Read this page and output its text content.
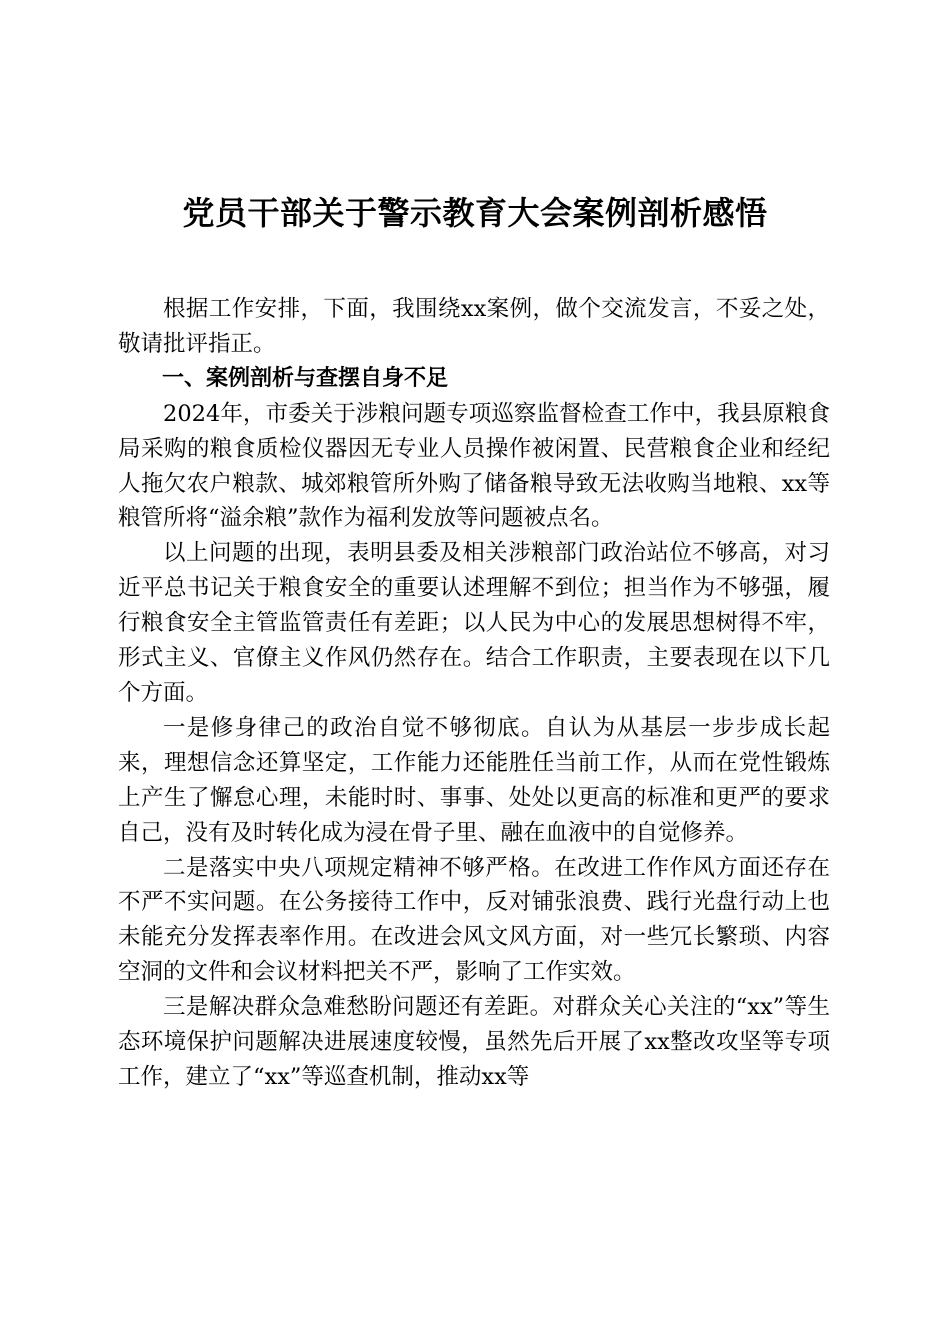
党员干部关于警示教育大会案例剖析感悟

根据工作安排，下面，我围绕xx案例，做个交流发言，不妥之处，敬请批评指正。

一、案例剖析与查摆自身不足

2024年，市委关于涉粮问题专项巡察监督检查工作中，我县原粮食局采购的粮食质检仪器因无专业人员操作被闲置、民营粮食企业和经纪人拖欠农户粮款、城郊粮管所外购了储备粮导致无法收购当地粮、xx等粮管所将“溢余粮”款作为福利发放等问题被点名。

以上问题的出现，表明县委及相关涉粮部门政治站位不够高，对习近平总书记关于粮食安全的重要认述理解不到位；担当作为不够强，履行粮食安全主管监管责任有差距；以人民为中心的发展思想树得不牢，形式主义、官僚主义作风仍然存在。结合工作职责，主要表现在以下几个方面。

一是修身律己的政治自觉不够彻底。自认为从基层一步步成长起来，理想信念还算坚定，工作能力还能胜任当前工作，从而在党性锻炼上产生了懈怠心理，未能时时、事事、处处以更高的标准和更严的要求自己，没有及时转化成为浸在骨子里、融在血液中的自觉修养。

二是落实中央八项规定精神不够严格。在改进工作作风方面还存在不严不实问题。在公务接待工作中，反对铺张浪费、践行光盘行动上也未能充分发挥表率作用。在改进会风文风方面，对一些冗长繁琐、内容空洞的文件和会议材料把关不严，影响了工作实效。

三是解决群众急难愁盼问题还有差距。对群众关心关注的“xx”等生态环境保护问题解决进展速度较慢，虽然先后开展了xx整改攻坚等专项工作，建立了“xx”等巡查机制，推动xx等
